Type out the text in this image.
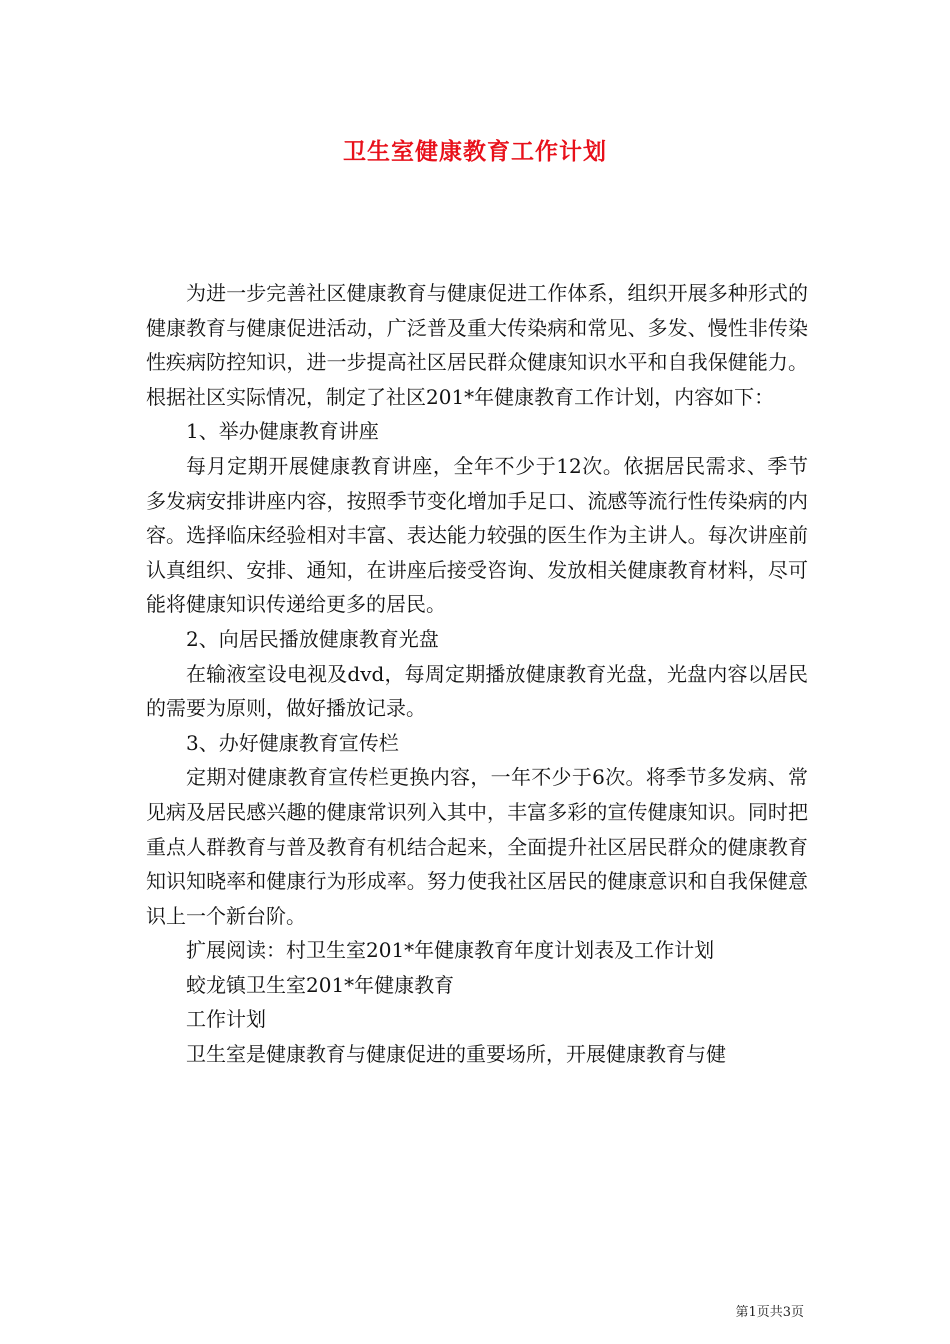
卫生室健康教育工作计划

为进一步完善社区健康教育与健康促进工作体系，组织开展多种形式的健康教育与健康促进活动，广泛普及重大传染病和常见、多发、慢性非传染性疾病防控知识，进一步提高社区居民群众健康知识水平和自我保健能力。根据社区实际情况，制定了社区201*年健康教育工作计划，内容如下：

1、举办健康教育讲座

每月定期开展健康教育讲座，全年不少于12次。依据居民需求、季节多发病安排讲座内容，按照季节变化增加手足口、流感等流行性传染病的内容。选择临床经验相对丰富、表达能力较强的医生作为主讲人。每次讲座前认真组织、安排、通知，在讲座后接受咨询、发放相关健康教育材料，尽可能将健康知识传递给更多的居民。

2、向居民播放健康教育光盘

在输液室设电视及dvd，每周定期播放健康教育光盘，光盘内容以居民的需要为原则，做好播放记录。

3、办好健康教育宣传栏

定期对健康教育宣传栏更换内容，一年不少于6次。将季节多发病、常见病及居民感兴趣的健康常识列入其中，丰富多彩的宣传健康知识。同时把重点人群教育与普及教育有机结合起来，全面提升社区居民群众的健康教育知识知晓率和健康行为形成率。努力使我社区居民的健康意识和自我保健意识上一个新台阶。

扩展阅读：村卫生室201*年健康教育年度计划表及工作计划

蛟龙镇卫生室201*年健康教育

工作计划

卫生室是健康教育与健康促进的重要场所，开展健康教育与健

第1页共3页
